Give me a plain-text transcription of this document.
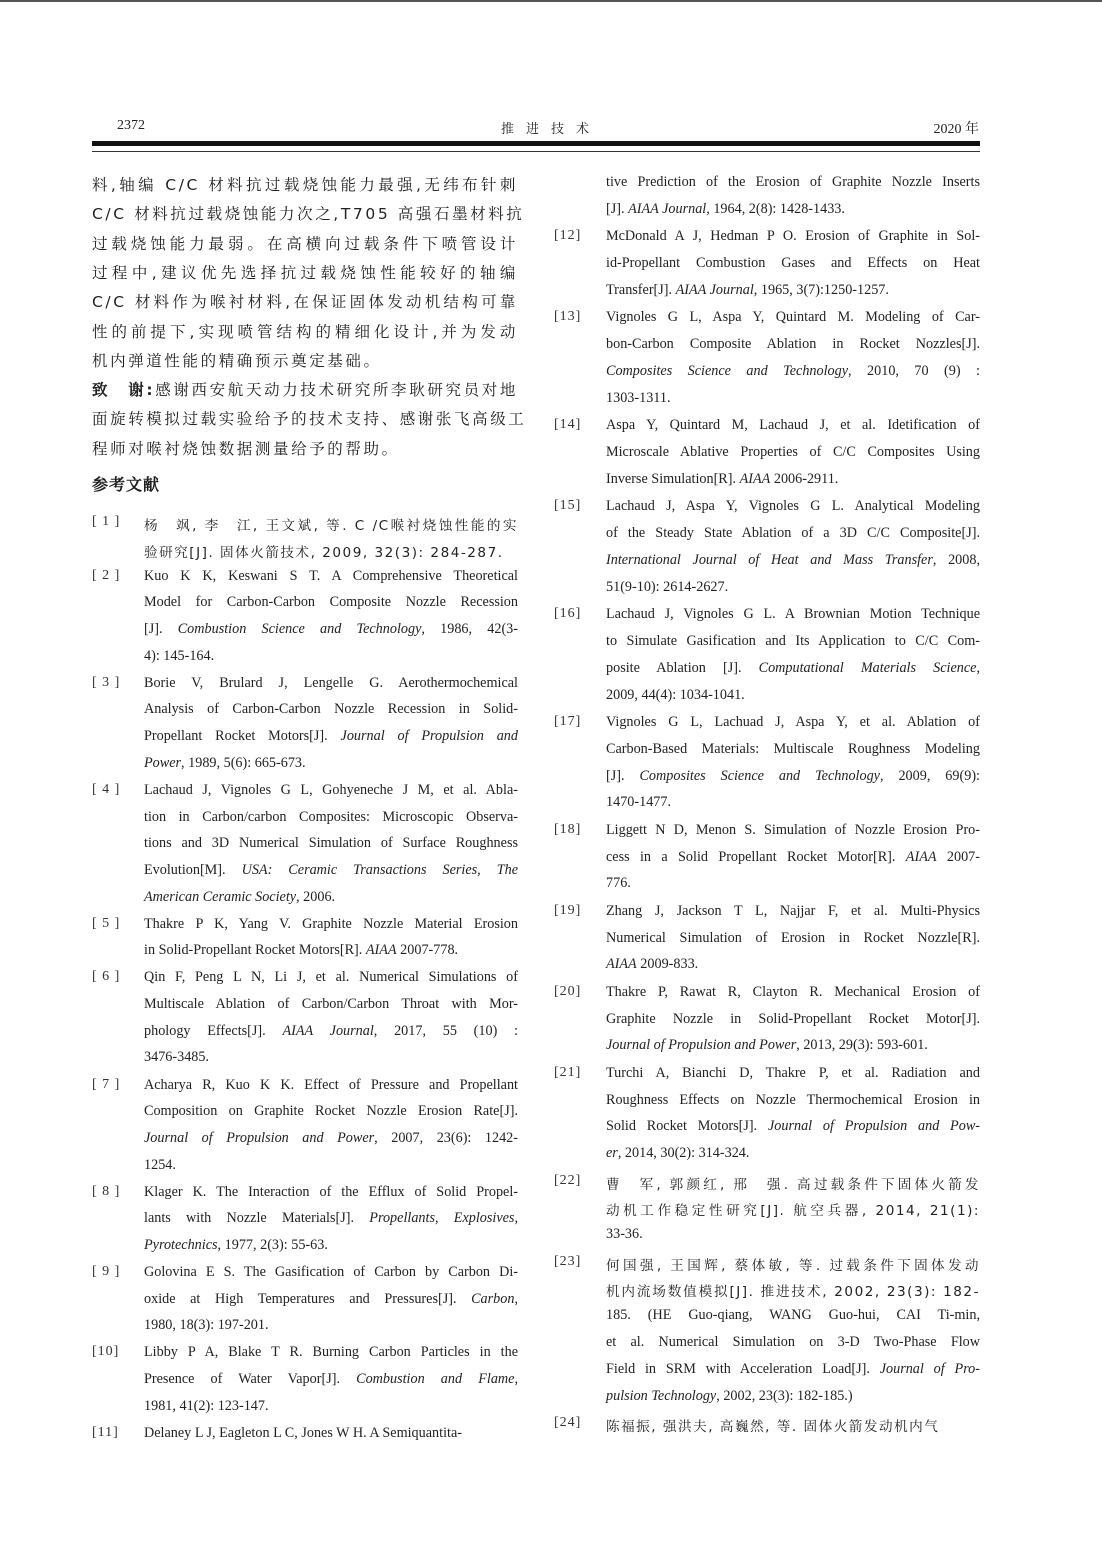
2372	推进技术	2020 年
料,轴编 C/C 材料抗过载烧蚀能力最强,无纬布针刺
C/C 材料抗过载烧蚀能力次之,T705 高强石墨材料抗
过载烧蚀能力最弱。在高横向过载条件下喷管设计
过程中,建议优先选择抗过载烧蚀性能较好的轴编
C/C 材料作为喉衬材料,在保证固体发动机结构可靠
性的前提下,实现喷管结构的精细化设计,并为发动
机内弹道性能的精确预示奠定基础。
致　谢:感谢西安航天动力技术研究所李耿研究员对地
面旋转模拟过载实验给予的技术支持、感谢张飞高级工
程师对喉衬烧蚀数据测量给予的帮助。
参考文献
[ 1 ] 杨　飒, 李　江, 王文斌, 等. C /C喉衬烧蚀性能的实
验研究[J]. 固体火箭技术, 2009, 32(3): 284-287.
[ 2 ] Kuo K K, Keswani S T. A Comprehensive Theoretical
Model for Carbon-Carbon Composite Nozzle Recession
[J]. Combustion Science and Technology, 1986, 42(3-
4): 145-164.
[ 3 ] Borie V, Brulard J, Lengelle G. Aerothermochemical
Analysis of Carbon-Carbon Nozzle Recession in Solid-
Propellant Rocket Motors[J]. Journal of Propulsion and
Power, 1989, 5(6): 665-673.
[ 4 ] Lachaud J, Vignoles G L, Gohyeneche J M, et al. Abla-
tion in Carbon/carbon Composites: Microscopic Observa-
tions and 3D Numerical Simulation of Surface Roughness
Evolution[M]. USA: Ceramic Transactions Series, The
American Ceramic Society, 2006.
[ 5 ] Thakre P K, Yang V. Graphite Nozzle Material Erosion
in Solid-Propellant Rocket Motors[R]. AIAA 2007-778.
[ 6 ] Qin F, Peng L N, Li J, et al. Numerical Simulations of
Multiscale Ablation of Carbon/Carbon Throat with Mor-
phology Effects[J]. AIAA Journal, 2017, 55 (10) :
3476-3485.
[ 7 ] Acharya R, Kuo K K. Effect of Pressure and Propellant
Composition on Graphite Rocket Nozzle Erosion Rate[J].
Journal of Propulsion and Power, 2007, 23(6): 1242-
1254.
[ 8 ] Klager K. The Interaction of the Efflux of Solid Propel-
lants with Nozzle Materials[J]. Propellants, Explosives,
Pyrotechnics, 1977, 2(3): 55-63.
[ 9 ] Golovina E S. The Gasification of Carbon by Carbon Di-
oxide at High Temperatures and Pressures[J]. Carbon,
1980, 18(3): 197-201.
[10] Libby P A, Blake T R. Burning Carbon Particles in the
Presence of Water Vapor[J]. Combustion and Flame,
1981, 41(2): 123-147.
[11] Delaney L J, Eagleton L C, Jones W H. A Semiquantita-
tive Prediction of the Erosion of Graphite Nozzle Inserts
[J]. AIAA Journal, 1964, 2(8): 1428-1433.
[12] McDonald A J, Hedman P O. Erosion of Graphite in Sol-
id-Propellant Combustion Gases and Effects on Heat
Transfer[J]. AIAA Journal, 1965, 3(7):1250-1257.
[13] Vignoles G L, Aspa Y, Quintard M. Modeling of Car-
bon-Carbon Composite Ablation in Rocket Nozzles[J].
Composites Science and Technology, 2010, 70 (9) :
1303-1311.
[14] Aspa Y, Quintard M, Lachaud J, et al. Idetification of
Microscale Ablative Properties of C/C Composites Using
Inverse Simulation[R]. AIAA 2006-2911.
[15] Lachaud J, Aspa Y, Vignoles G L. Analytical Modeling
of the Steady State Ablation of a 3D C/C Composite[J].
International Journal of Heat and Mass Transfer, 2008,
51(9-10): 2614-2627.
[16] Lachaud J, Vignoles G L. A Brownian Motion Technique
to Simulate Gasification and Its Application to C/C Com-
posite Ablation [J]. Computational Materials Science,
2009, 44(4): 1034-1041.
[17] Vignoles G L, Lachuad J, Aspa Y, et al. Ablation of
Carbon-Based Materials: Multiscale Roughness Modeling
[J]. Composites Science and Technology, 2009, 69(9):
1470-1477.
[18] Liggett N D, Menon S. Simulation of Nozzle Erosion Pro-
cess in a Solid Propellant Rocket Motor[R]. AIAA 2007-
776.
[19] Zhang J, Jackson T L, Najjar F, et al. Multi-Physics
Numerical Simulation of Erosion in Rocket Nozzle[R].
AIAA 2009-833.
[20] Thakre P, Rawat R, Clayton R. Mechanical Erosion of
Graphite Nozzle in Solid-Propellant Rocket Motor[J].
Journal of Propulsion and Power, 2013, 29(3): 593-601.
[21] Turchi A, Bianchi D, Thakre P, et al. Radiation and
Roughness Effects on Nozzle Thermochemical Erosion in
Solid Rocket Motors[J]. Journal of Propulsion and Pow-
er, 2014, 30(2): 314-324.
[22] 曹　军, 郭颜红, 邢　强. 高过载条件下固体火箭发
动机工作稳定性研究[J]. 航空兵器, 2014, 21(1):
33-36.
[23] 何国强, 王国辉, 蔡体敏, 等. 过载条件下固体发动
机内流场数值模拟[J]. 推进技术, 2002, 23(3): 182-
185. (HE Guo-qiang, WANG Guo-hui, CAI Ti-min,
et al. Numerical Simulation on 3-D Two-Phase Flow
Field in SRM with Acceleration Load[J]. Journal of Pro-
pulsion Technology, 2002, 23(3): 182-185.)
[24] 陈福振, 强洪夫, 高巍然, 等. 固体火箭发动机内气
